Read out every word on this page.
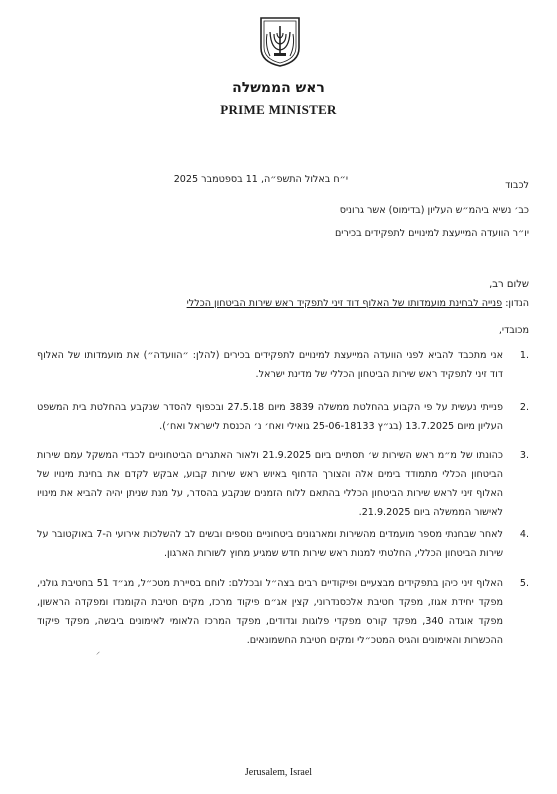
ראש הממשלה
PRIME MINISTER
י״ח באלול התשפ״ה, 11 בספטמבר 2025
לכבוד
כב׳ נשיא ביהמ״ש העליון (בדימוס) אשר גרוניס
יו״ר הוועדה המייעצת למינויים לתפקידים בכירים
שלום רב,
הנדון: פנייה לבחינת מועמדותו של האלוף דוד זיני לתפקיד ראש שירות הביטחון הכללי
מכובדי,
.1
אני מתכבד להביא לפני הוועדה המייעצת למינויים לתפקידים בכירים (להלן: ״הוועדה״) את מועמדותו של האלוף דוד זיני לתפקיד ראש שירות הביטחון הכללי של מדינת ישראל.
.2
פנייתי נעשית על פי הקבוע בהחלטת ממשלה 3839 מיום 27.5.18 ובכפוף להסדר שנקבע בהחלטת בית המשפט העליון מיום 13.7.2025 (בג״ץ 25-06-18133 גואילי ואח׳ נ׳ הכנסת לישראל ואח׳).
.3
כהונתו של מ״מ ראש השירות ש׳ תסתיים ביום 21.9.2025 ולאור האתגרים הביטחוניים לכבדי המשקל עמם שירות הביטחון הכללי מתמודד בימים אלה והצורך הדחוף באיוש ראש שירות קבוע, אבקש לקדם את בחינת מינויו של האלוף זיני לראש שירות הביטחון הכללי בהתאם ללוח הזמנים שנקבע בהסדר, על מנת שניתן יהיה להביא את מינויו לאישור הממשלה ביום 21.9.2025.
.4
לאחר שבחנתי מספר מועמדים מהשירות ומארגונים ביטחוניים נוספים ובשים לב להשלכות אירועי ה-7 באוקטובר על שירות הביטחון הכללי, החלטתי למנות ראש שירות חדש שמגיע מחוץ לשורות הארגון.
.5
האלוף זיני כיהן בתפקידים מבצעיים ופיקודיים רבים בצה״ל ובכללם: לוחם בסיירת מטכ״ל, מג״ד 51 בחטיבת גולני, מפקד יחידת אגוז, מפקד חטיבת אלכסנדרוני, קצין אג״ם פיקוד מרכז, מקים חטיבת הקומנדו ומפקדה הראשון, מפקד אוגדה 340, מפקד קורס מפקדי פלוגות וגדודים, מפקד המרכז הלאומי לאימונים ביבשה, מפקד פיקוד ההכשרות והאימונים והגיס המטכ״לי ומקים חטיבת החשמונאים.
⸝
Jerusalem, Israel
